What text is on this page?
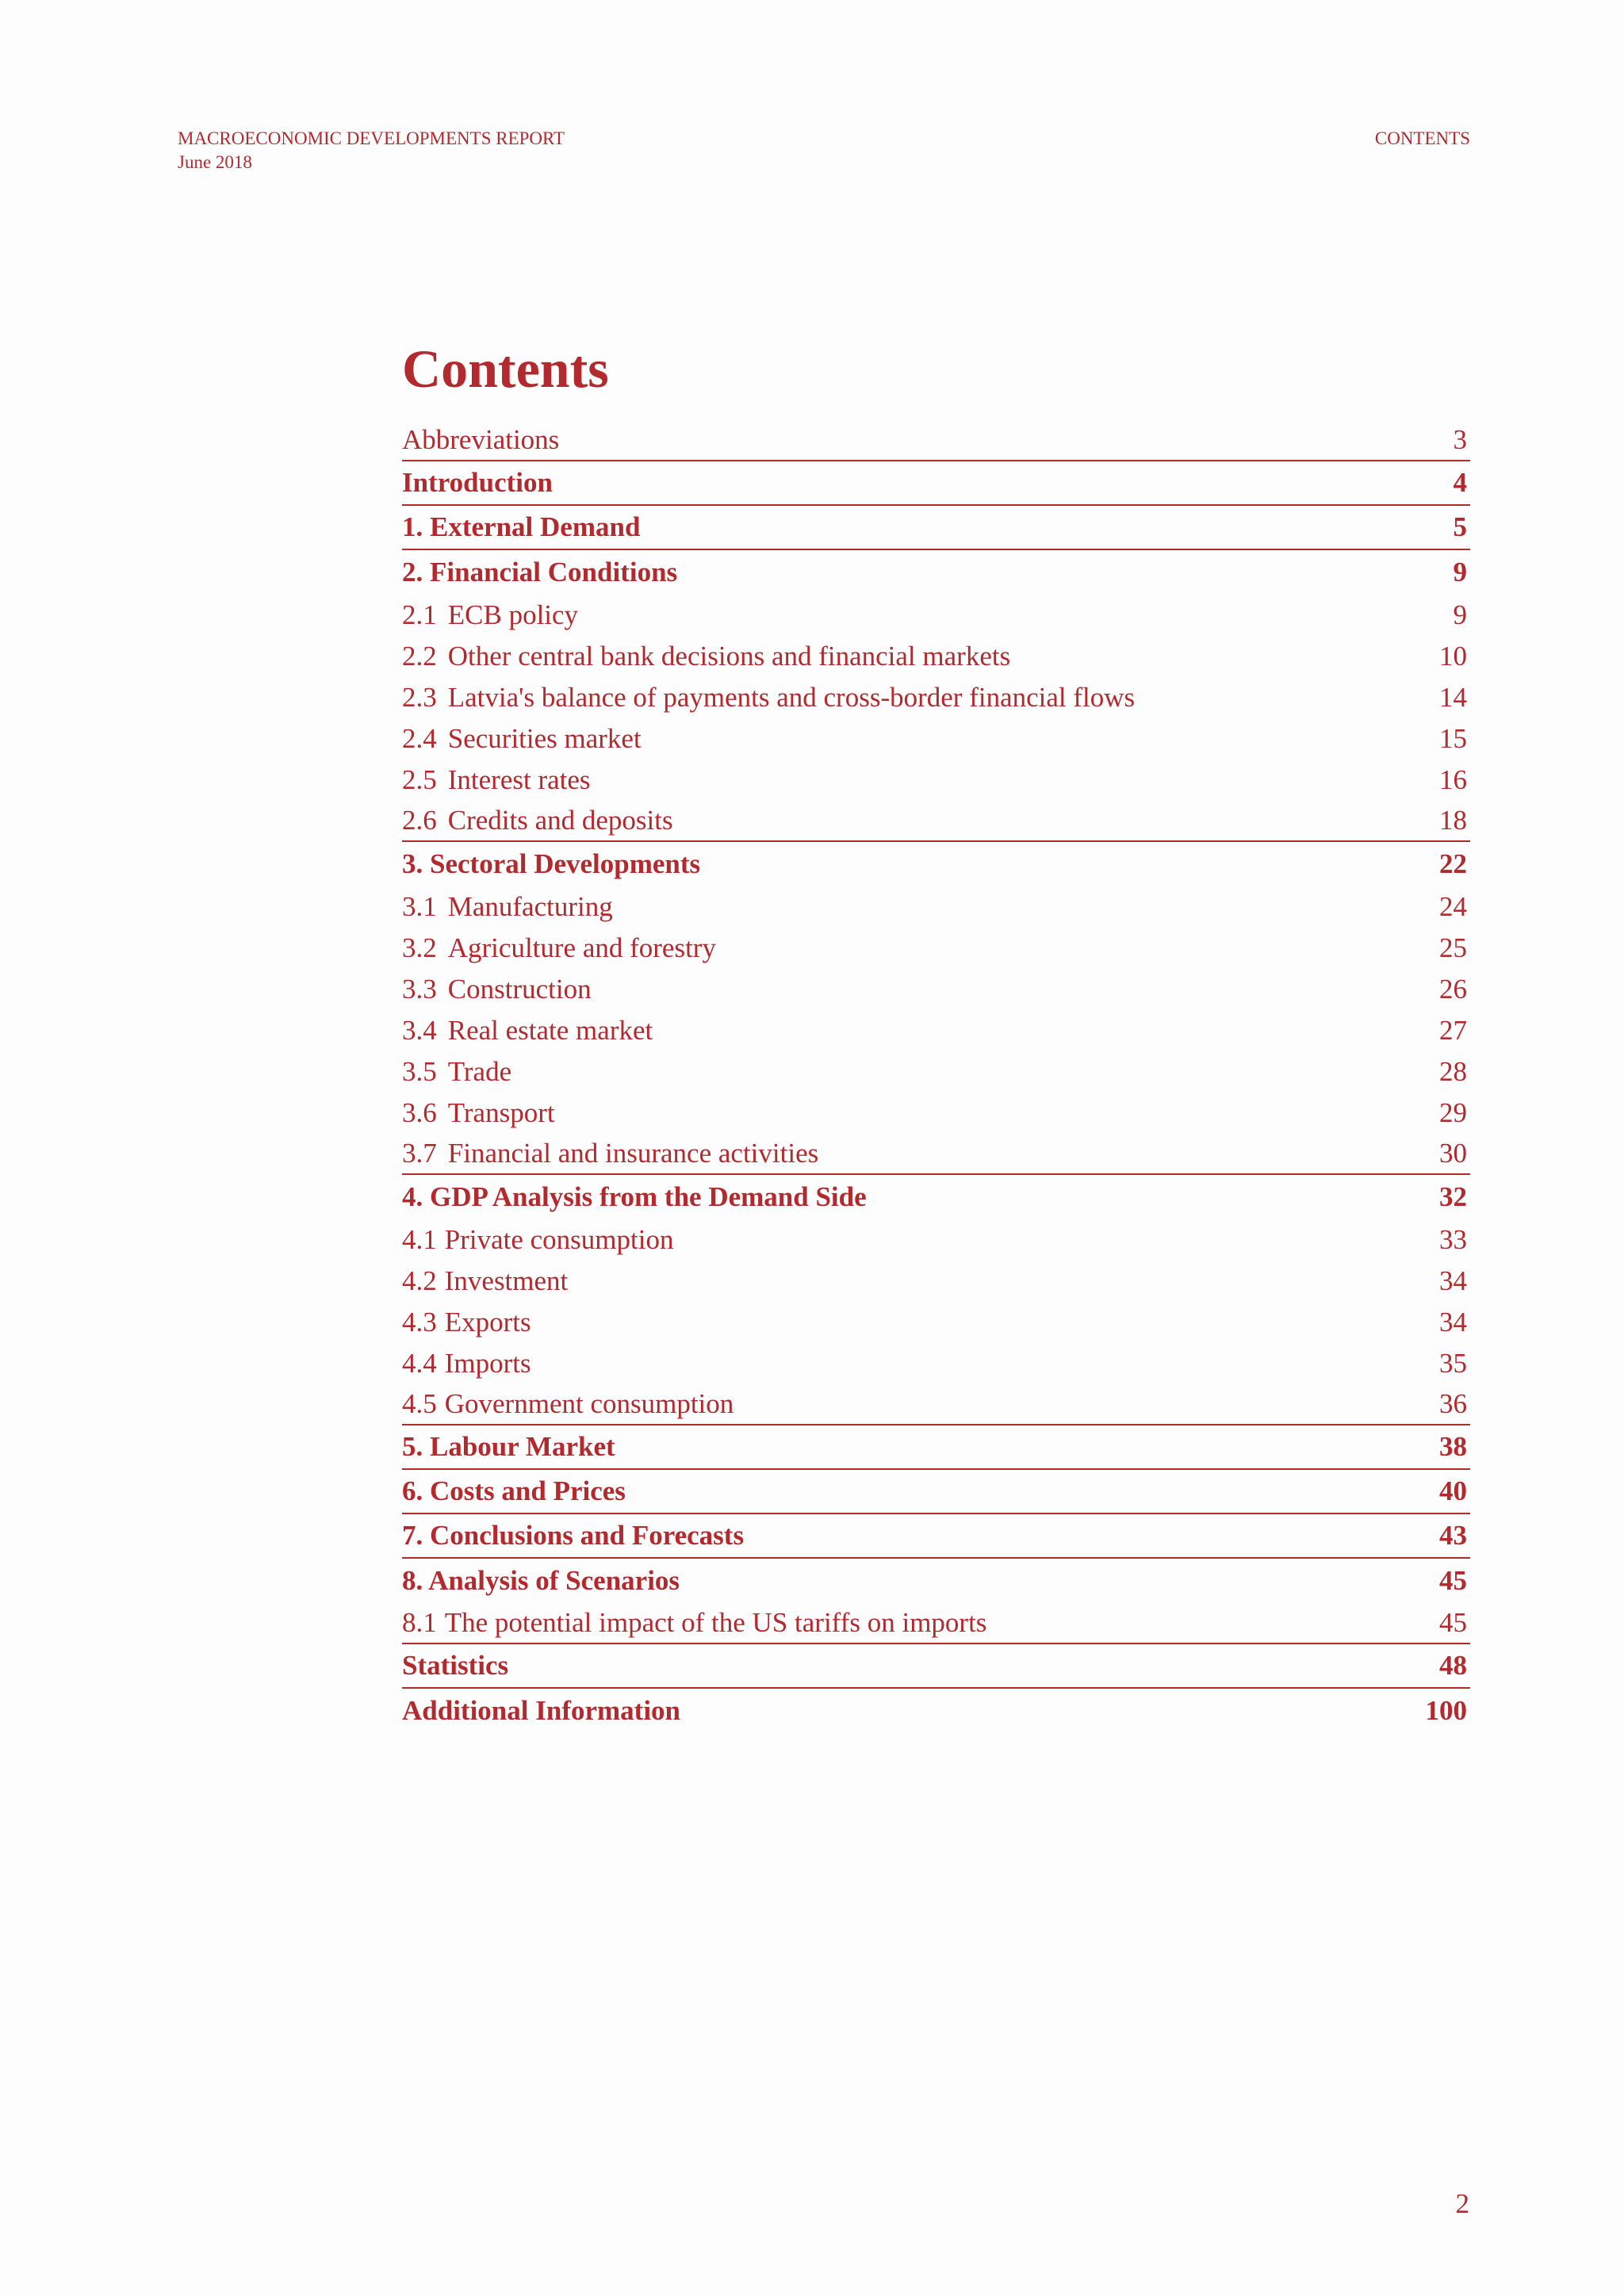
MACROECONOMIC DEVELOPMENTS REPORT
June 2018
CONTENTS
Contents
Abbreviations	3
Introduction	4
1. External Demand	5
2. Financial Conditions	9
2.1 ECB policy	9
2.2 Other central bank decisions and financial markets	10
2.3 Latvia's balance of payments and cross-border financial flows	14
2.4 Securities market	15
2.5 Interest rates	16
2.6 Credits and deposits	18
3. Sectoral Developments	22
3.1 Manufacturing	24
3.2 Agriculture and forestry	25
3.3 Construction	26
3.4 Real estate market	27
3.5 Trade	28
3.6 Transport	29
3.7 Financial and insurance activities	30
4. GDP Analysis from the Demand Side	32
4.1 Private consumption	33
4.2 Investment	34
4.3 Exports	34
4.4 Imports	35
4.5 Government consumption	36
5. Labour Market	38
6. Costs and Prices	40
7. Conclusions and Forecasts	43
8. Analysis of Scenarios	45
8.1 The potential impact of the US tariffs on imports	45
Statistics	48
Additional Information	100
2
